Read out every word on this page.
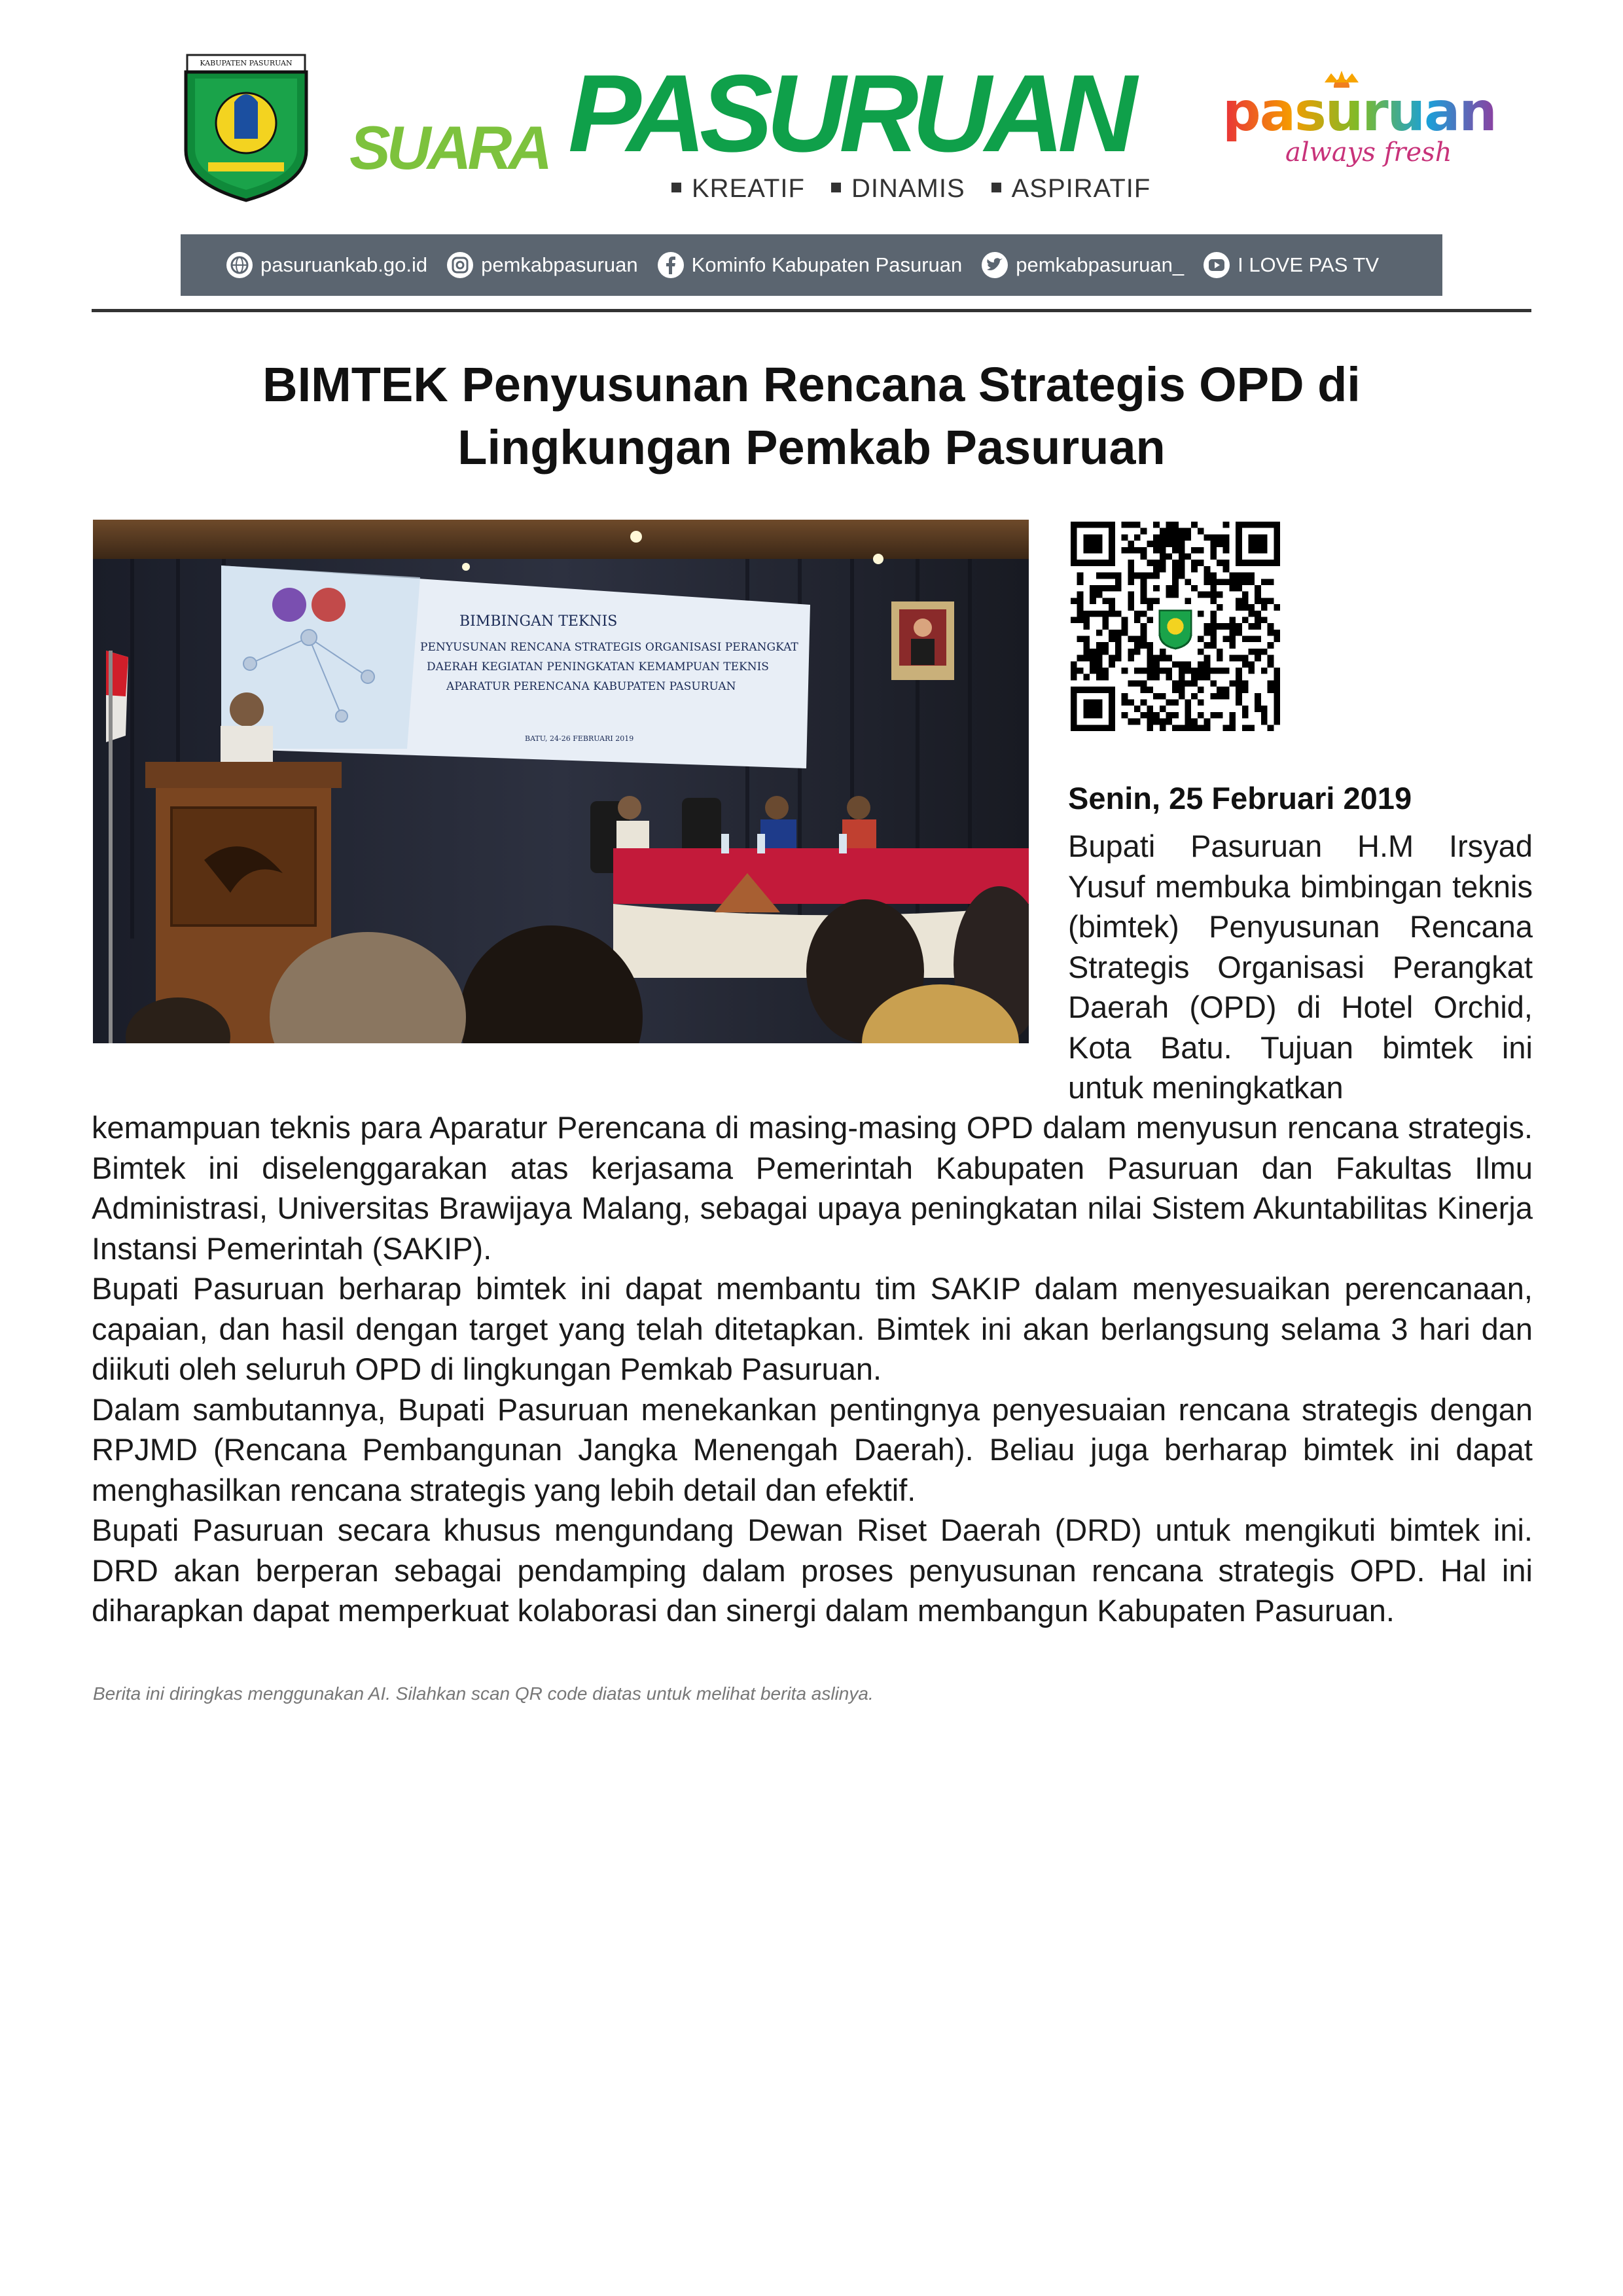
KABUPATEN PASURUAN
SUARA PASURUAN
KREATIF	DINAMIS	ASPIRATIF
pasuruan
always fresh
pasuruankab.go.id	pemkabpasuruan	Kominfo Kabupaten Pasuruan	pemkabpasuruan_	I LOVE PAS TV
BIMTEK Penyusunan Rencana Strategis OPD di
Lingkungan Pemkab Pasuruan
BIMBINGAN TEKNIS
PENYUSUNAN RENCANA STRATEGIS ORGANISASI PERANGKAT
DAERAH KEGIATAN PENINGKATAN KEMAMPUAN TEKNIS
APARATUR PERENCANA KABUPATEN PASURUAN
BATU, 24-26 FEBRUARI 2019
Senin, 25 Februari 2019
Bupati Pasuruan H.M Irsyad Yusuf membuka bimbingan teknis (bimtek) Penyusunan Rencana Strategis Organisasi Perangkat Daerah (OPD) di Hotel Orchid, Kota Batu. Tujuan bimtek ini untuk meningkatkan

kemampuan teknis para Aparatur Perencana di masing-masing OPD dalam menyusun rencana strategis. Bimtek ini diselenggarakan atas kerjasama Pemerintah Kabupaten Pasuruan dan Fakultas Ilmu Administrasi, Universitas Brawijaya Malang, sebagai upaya peningkatan nilai Sistem Akuntabilitas Kinerja Instansi Pemerintah (SAKIP).

Bupati Pasuruan berharap bimtek ini dapat membantu tim SAKIP dalam menyesuaikan perencanaan, capaian, dan hasil dengan target yang telah ditetapkan. Bimtek ini akan berlangsung selama 3 hari dan diikuti oleh seluruh OPD di lingkungan Pemkab Pasuruan.

Dalam sambutannya, Bupati Pasuruan menekankan pentingnya penyesuaian rencana strategis dengan RPJMD (Rencana Pembangunan Jangka Menengah Daerah). Beliau juga berharap bimtek ini dapat menghasilkan rencana strategis yang lebih detail dan efektif.

Bupati Pasuruan secara khusus mengundang Dewan Riset Daerah (DRD) untuk mengikuti bimtek ini. DRD akan berperan sebagai pendamping dalam proses penyusunan rencana strategis OPD. Hal ini diharapkan dapat memperkuat kolaborasi dan sinergi dalam membangun Kabupaten Pasuruan.

Berita ini diringkas menggunakan AI. Silahkan scan QR code diatas untuk melihat berita aslinya.
